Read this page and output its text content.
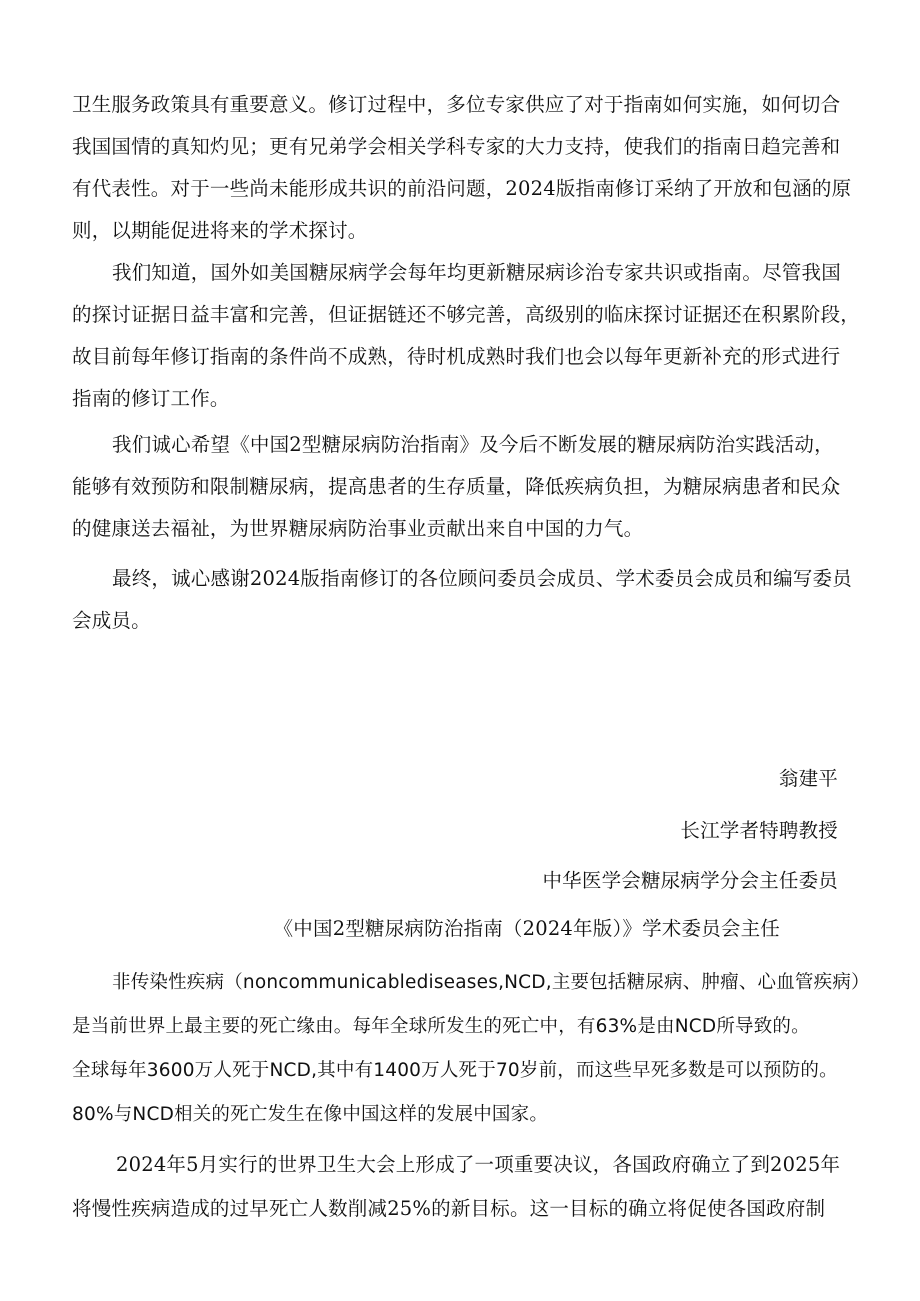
卫生服务政策具有重要意义。修订过程中，多位专家供应了对于指南如何实施，如何切合
我国国情的真知灼见；更有兄弟学会相关学科专家的大力支持，使我们的指南日趋完善和
有代表性。对于一些尚未能形成共识的前沿问题，2024版指南修订采纳了开放和包涵的原
则，以期能促进将来的学术探讨。
我们知道，国外如美国糖尿病学会每年均更新糖尿病诊治专家共识或指南。尽管我国
的探讨证据日益丰富和完善，但证据链还不够完善，高级别的临床探讨证据还在积累阶段，
故目前每年修订指南的条件尚不成熟，待时机成熟时我们也会以每年更新补充的形式进行
指南的修订工作。
我们诚心希望《中国2型糖尿病防治指南》及今后不断发展的糖尿病防治实践活动，
能够有效预防和限制糖尿病，提高患者的生存质量，降低疾病负担，为糖尿病患者和民众
的健康送去福祉，为世界糖尿病防治事业贡献出来自中国的力气。
最终，诚心感谢2024版指南修订的各位顾问委员会成员、学术委员会成员和编写委员
会成员。
翁建平
长江学者特聘教授
中华医学会糖尿病学分会主任委员
《中国2型糖尿病防治指南（2024年版）》学术委员会主任
非传染性疾病（noncommunicablediseases,NCD,主要包括糖尿病、肿瘤、心血管疾病）
是当前世界上最主要的死亡缘由。每年全球所发生的死亡中，有63%是由NCD所导致的。
全球每年3600万人死于NCD,其中有1400万人死于70岁前，而这些早死多数是可以预防的。
80%与NCD相关的死亡发生在像中国这样的发展中国家。
2024年5月实行的世界卫生大会上形成了一项重要决议，各国政府确立了到2025年
将慢性疾病造成的过早死亡人数削减25%的新目标。这一目标的确立将促使各国政府制
